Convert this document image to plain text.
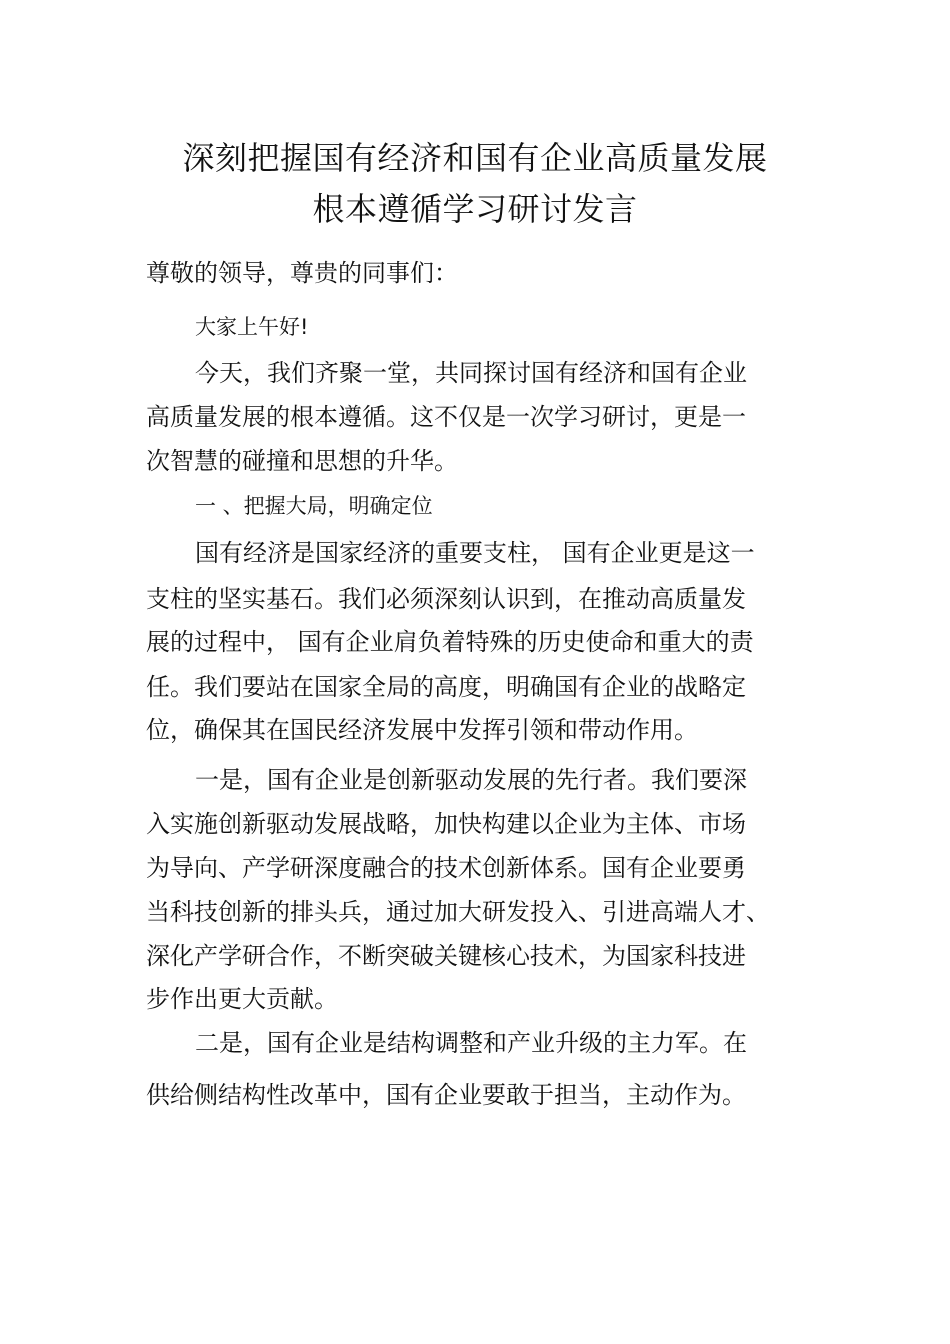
深刻把握国有经济和国有企业高质量发展
根本遵循学习研讨发言
尊敬的领导，尊贵的同事们：
大家上午好!
今天，我们齐聚一堂，共同探讨国有经济和国有企业
高质量发展的根本遵循。这不仅是一次学习研讨，更是一
次智慧的碰撞和思想的升华。
一 、把握大局，明确定位
国有经济是国家经济的重要支柱， 国有企业更是这一
支柱的坚实基石。我们必须深刻认识到，在推动高质量发
展的过程中， 国有企业肩负着特殊的历史使命和重大的责
任。我们要站在国家全局的高度，明确国有企业的战略定
位，确保其在国民经济发展中发挥引领和带动作用。
一是，国有企业是创新驱动发展的先行者。我们要深
入实施创新驱动发展战略，加快构建以企业为主体、市场
为导向、产学研深度融合的技术创新体系。国有企业要勇
当科技创新的排头兵，通过加大研发投入、引进高端人才、
深化产学研合作，不断突破关键核心技术，为国家科技进
步作出更大贡献。
二是，国有企业是结构调整和产业升级的主力军。在
供给侧结构性改革中，国有企业要敢于担当，主动作为。
